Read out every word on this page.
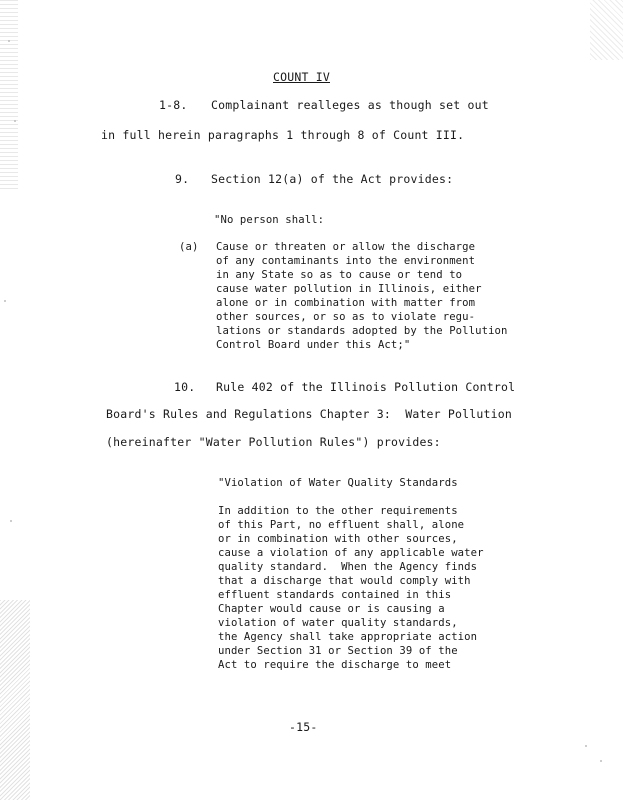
COUNT IV
1-8. Complainant realleges as though set out
in full herein paragraphs 1 through 8 of Count III.
9. Section 12(a) of the Act provides:
"No person shall:
(a) Cause or threaten or allow the discharge
of any contaminants into the environment
in any State so as to cause or tend to
cause water pollution in Illinois, either
alone or in combination with matter from
other sources, or so as to violate regu-
lations or standards adopted by the Pollution
Control Board under this Act;"
10. Rule 402 of the Illinois Pollution Control
Board's Rules and Regulations Chapter 3:  Water Pollution
(hereinafter "Water Pollution Rules") provides:
"Violation of Water Quality Standards
In addition to the other requirements
of this Part, no effluent shall, alone
or in combination with other sources,
cause a violation of any applicable water
quality standard.  When the Agency finds
that a discharge that would comply with
effluent standards contained in this
Chapter would cause or is causing a
violation of water quality standards,
the Agency shall take appropriate action
under Section 31 or Section 39 of the
Act to require the discharge to meet
-15-
